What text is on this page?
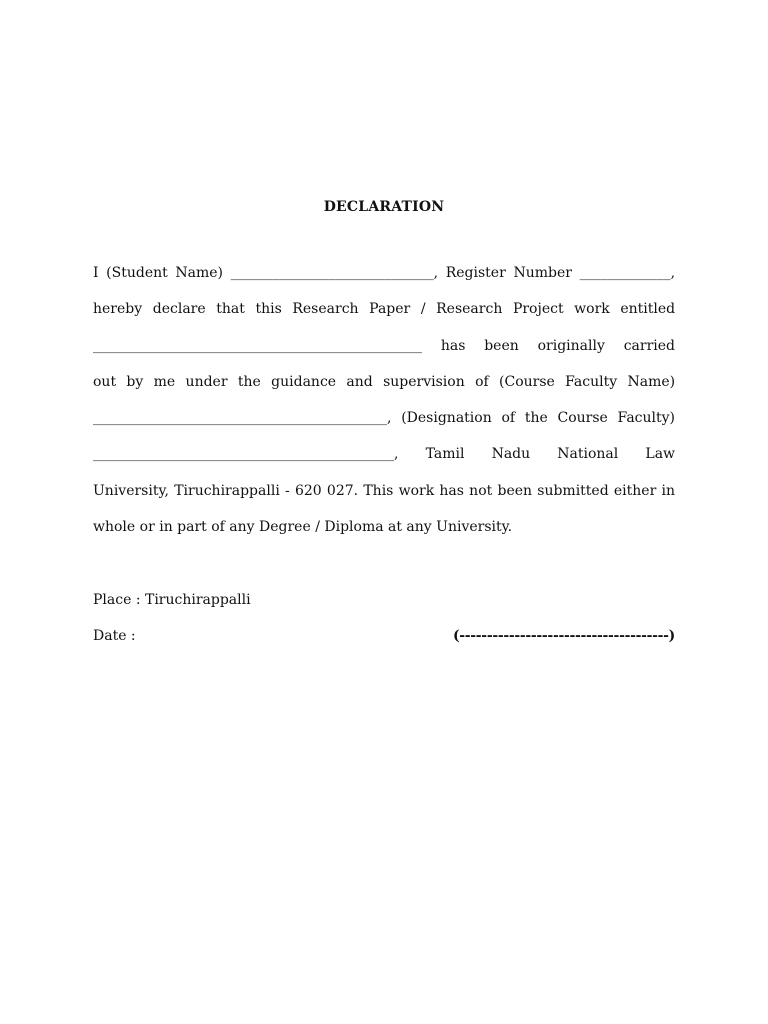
DECLARATION
I (Student Name) _____________________________, Register Number _____________,
hereby declare that this Research Paper / Research Project work entitled
_______________________________________________ has been originally carried
out by me under the guidance and supervision of (Course Faculty Name)
__________________________________________, (Designation of the Course Faculty)
___________________________________________, Tamil Nadu National Law
University, Tiruchirappalli - 620 027. This work has not been submitted either in
whole or in part of any Degree / Diploma at any University.
Place : Tiruchirappalli
Date :	(--------------------------------------)
